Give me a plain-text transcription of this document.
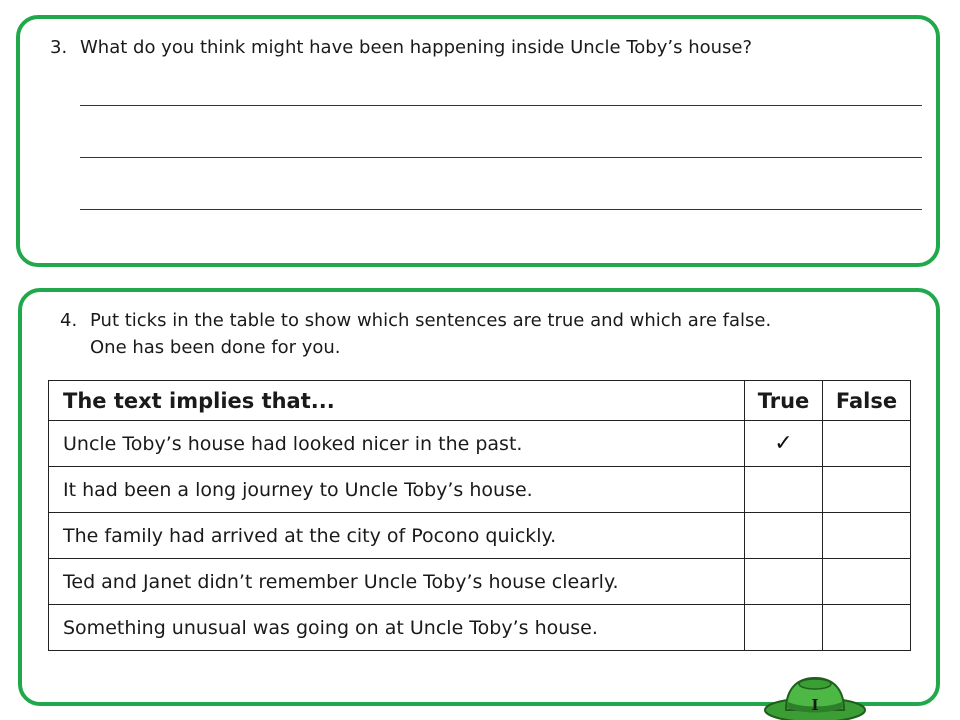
3. What do you think might have been happening inside Uncle Toby’s house?
4. Put ticks in the table to show which sentences are true and which are false.
One has been done for you.
The text implies that...	True	False
Uncle Toby’s house had looked nicer in the past.	✓	
It had been a long journey to Uncle Toby’s house.		
The family had arrived at the city of Pocono quickly.		
Ted and Janet didn’t remember Uncle Toby’s house clearly.		
Something unusual was going on at Uncle Toby’s house.		
I
